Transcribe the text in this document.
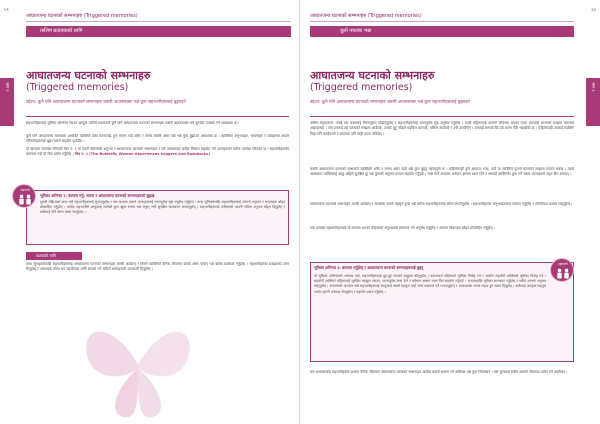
५९
आघातजन्य घटनाको सम्भनाहरु (Triggered memories)
तालिम प्रदायकको लागि
भाग २
आघातजन्य घटनाको सम्भनाहरु
(Triggered memories)
उद्देश्य: कुनै पनि आघातजन्य घटनाको सम्भनाहरु कसरी आउनसक्छ भन्ने कुरा सहभागीहरुलाई बुझाउने
सहभागीहरुलाई भूमिका अभिनय गराउन आफूले तालिम प्रदायकले कुनै पनि आघातजन्य घटनाको सम्भनाहरु कसरी आउनसक्छ भन्ने कुराको व्याख्या गर्न आवश्यक छ ।
कुनै पनि आघातजन्य घटनाबाट प्रभावित व्यक्तिले उक्त घटनालाई पुनः स्मरण गर्दा शरीर र मनमा कसरी असर पर्छ भन्ने कुरा बुझाउन आवश्यक छ । व्यक्तिका अनुभवहरु, भावनाहरु र व्यवहारमा आउने परिवर्तनहरुलाई बुझ्न यसले सहयोग पुर्याउँछ ।
यो खण्डमा समावेश गरिएको चित्र न. १ मा एउटी महिलाको अनुभव र आघातजन्य घटनाको सम्भनाहरु र त्यो अवस्थाबाट बाहिर निस्कन सहयोग गर्ने उपायहरुको बारेमा उल्लेख गरिएको छ । सहभागीहरुसँग छलफल गर्दा यो चित्र प्रयोग गर्नुहोस् । चित्र न. १ (The Butterfly Woman experiences triggers and flashbacks)
सहभागी
भूमिका अभिनय २: कल्पना गर्नु: सपना र आघातजन्य घटनाको सम्भनाहरुको बुझाइ
पुतली महिलाको कथा सबै सहभागीहरुलाई सुनाउनुहोस् र यस कथामा आउने घटनाहरुलाई ध्यानपूर्वक सुन्न अनुरोध गर्नुहोस् । कथा सुनिसकेपछि सहभागीहरुलाई आफ्नो अनुभव र भावनाहरु बाँड्न प्रोत्साहित गर्नुहोस् । प्रत्येक सहभागीले आफूलाई लागेको कुरा खुला रुपमा भन्न सकून् भनी सुरक्षित वातावरण बनाउनुहोस् । सहभागीहरुलाई उनीहरुको आफ्नै गतिमा अनुभव बाँड्न दिनुहोस् र कसैलाई पनि बोल्न बाध्य नगर्नुहोस् ।
पाठकको लागि
कथा सुनाइसकेपछि सहभागीहरुलाई आघातजन्य घटनाको सम्भनाहरु कसरी आउँछन् र तिनले व्यक्तिको दैनिक जीवनमा कस्तो असर पार्छन् भन्ने बारेमा छलफल गर्नुहोस् । सहभागीहरुका प्रश्नहरुको उत्तर दिनुहोस् र आवश्यक परेमा थप सहयोगका लागि सम्पर्क गर्न सकिने स्थानहरुको जानकारी दिनुहोस् ।
६०
आघातजन्य घटनाको सम्भनाहरु (Triggered memories)
धुलो नकरबा भन्ना
भाग २
आघातजन्य घटनाको सम्भनाहरु
(Triggered memories)
उद्देश्य: कुनै पनि आघातजन्य घटनाको सम्भनाहरु कसरी आउनसक्छ भन्ने कुरा सहभागीहरुलाई बुझाउने
तालिम सहजकर्ता: तपाईं यस कथालाई निम्नानुसार पढिदिनुहोस् र सहभागीहरुलाई ध्यानपूर्वक सुन्न अनुरोध गर्नुहोस् । एउटी महिलालाई आफ्नो जीवनमा भएको एउटा डरलाग्दो घटनाको सम्झना बारम्बार आइरहन्थ्यो । जब उनलाई त्यो घटनाको सम्झना आउँथ्यो, उनको मुटु जोडले धड्किन थाल्थ्यो, पसिना आउँथ्यो र उनी डराउँथिन् । उनलाई लाग्थ्यो कि त्यो घटना फेरि भइरहेको छ । कहिलेकाहीं उनलाई राम्रोसँग निद्रा पनि लाग्दैनथ्यो र सपनामा पनि त्यही घटना देख्थिन् ।
कसरी आघातजन्य घटनाको सम्भनाले व्यक्तिको शरीर र मनमा असर पार्छ भन्ने कुरा बुझ्नु महत्त्वपूर्ण छ । कहिलेकाहीं कुनै आवाज, गन्ध, ठाउँ वा व्यक्तिले पुरानो घटनाको सम्झना गराउन सक्छ । यस्तो अवस्थामा व्यक्तिलाई आफू अहिले सुरक्षित छु भन्ने कुराको अनुभव गराउन सहयोग गर्नुपर्छ । सास फेर्ने अभ्यास, वर्तमान क्षणमा ध्यान दिने र भरपर्दो व्यक्तिसँग कुरा गर्ने जस्ता उपायहरुले राहत दिन सक्छन् ।
आघातजन्य घटनाको सम्भनाहरु कसरी आउँछन् र त्यसबेला कस्तो महसुस हुन्छ भन्ने बारेमा सहभागीहरुलाई सोच्न लगाउनुहोस् । सहभागीहरुका अनुभवहरुलाई सम्मान गर्नुहोस् र गोपनीयता कायम राख्नुहोस् ।
अब तपाईंले सहभागीहरुलाई यो कथामा भएको महिलाको अनुभवबारे छलफल गर्न अनुरोध गर्नुहोस् र आफ्ना विचारहरु बाँड्न प्रोत्साहित गर्नुहोस् ।
सहभागी
भूमिका अभिनय ३: कल्पना गर्नुहोस् र आघातजन्य घटनाको सम्भनाहरुलाई बुझ्नु
यो भूमिका अभिनयको अभ्यास गर्दा, सहभागीहरुलाई दुई-दुई जनाको समूहमा बाँड्नुहोस् । एकजनाले महिलाको भूमिका निर्वाह गर्ने र अर्कोले सहयोगी व्यक्तिको भूमिका निर्वाह गर्ने । सहयोगी व्यक्तिले महिलालाई सुरक्षित महसुस गराउन, शान्तपूर्वक सास फेर्न र वर्तमान क्षणमा ध्यान दिन सहयोग गर्नुपर्छ । अभ्यासपछि भूमिका साटासाट गर्नुहोस् र सबैले आफ्नो अनुभव बाँड्नुहोस् । अभ्यासको अन्त्यमा सबै सहभागीहरुलाई आफूलाई कस्तो महसुस भयो भनेर छलफल गर्न लगाउनुहोस् र भावनात्मक रुपमा सहज हुन समय दिनुहोस् । कसैलाई असहज महसुस भएमा तुरुन्तै अभ्यास रोक्नुहोस् र सहयोग प्रदान गर्नुहोस् ।
यस अभ्यासपछि सहभागीहरुले आफ्ना दैनिक जीवनमा आघातजन्य घटनाको सम्भनाहरु आउँदा कसरी सामना गर्न सकिन्छ भन्ने कुरा सिक्नेछन् । यस कुरालाई सबैले आफ्नो जीवनमा प्रयोग गर्न सक्नेछन् ।
